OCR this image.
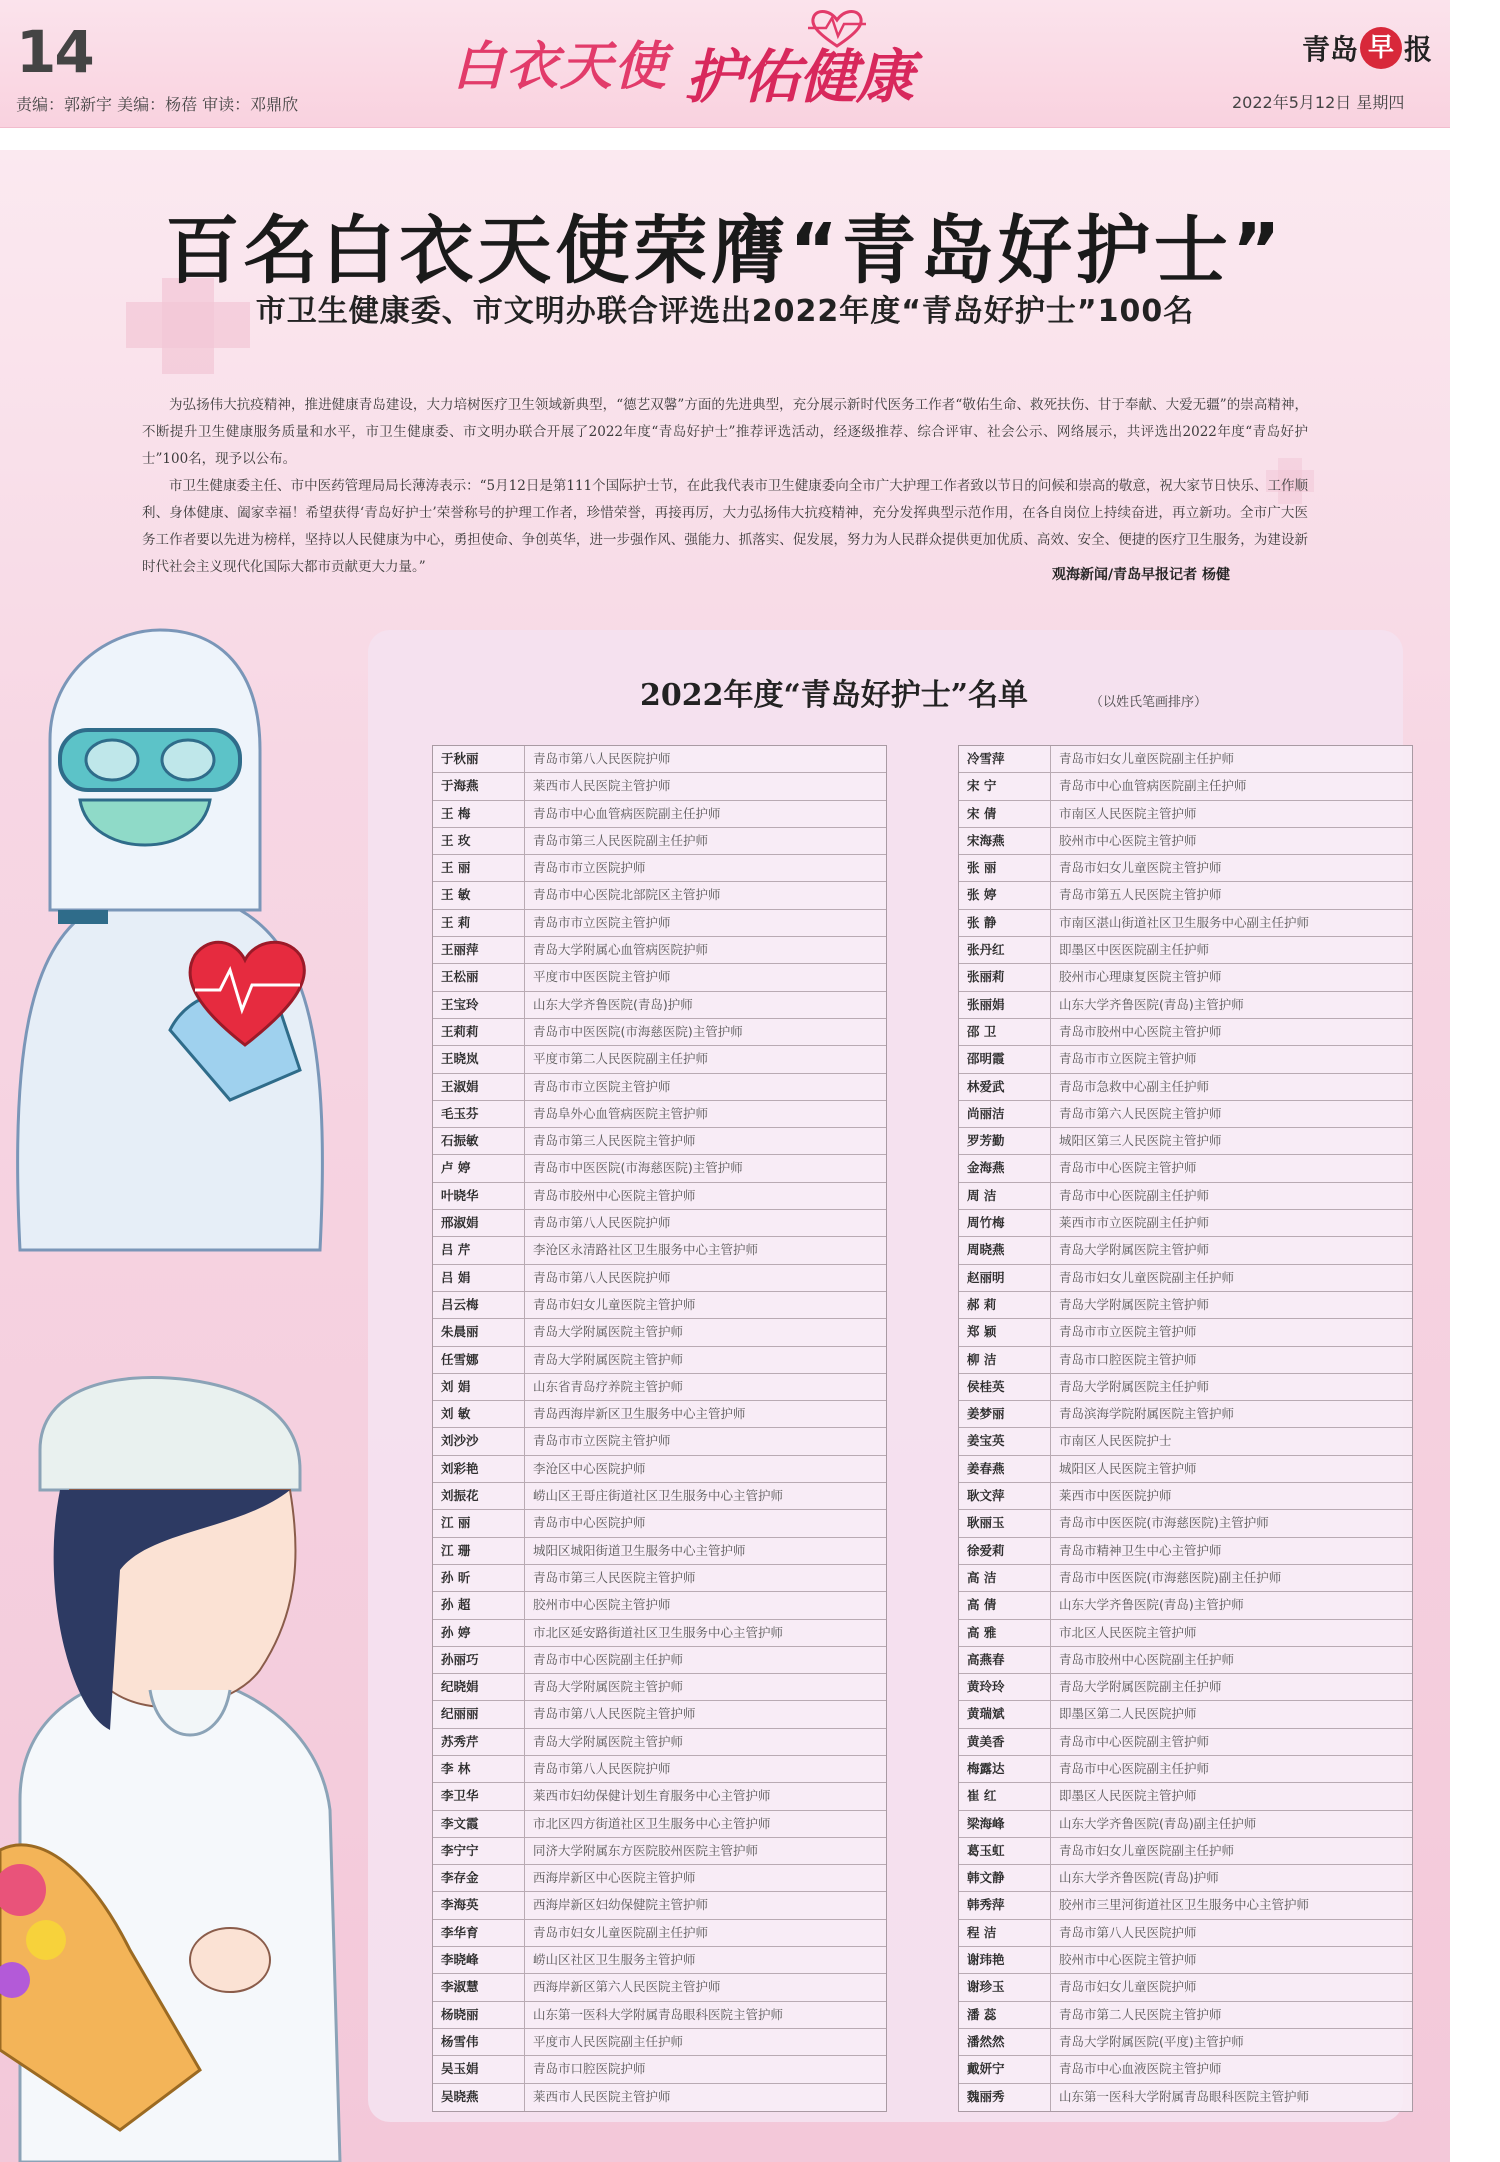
14
责编：郭新宇 美编：杨蓓 审读：邓鼎欣
白衣天使 护佑健康	青岛 早 报
2022年5月12日 星期四
百名白衣天使荣膺“青岛好护士”
市卫生健康委、市文明办联合评选出2022年度“青岛好护士”100名

为弘扬伟大抗疫精神，推进健康青岛建设，大力培树医疗卫生领域新典型，“德艺双馨”方面的先进典型，充分展示新时代医务工作者“敬佑生命、救死扶伤、甘于奉献、大爱无疆”的崇高精神，不断提升卫生健康服务质量和水平，市卫生健康委、市文明办联合开展了2022年度“青岛好护士”推荐评选活动，经逐级推荐、综合评审、社会公示、网络展示，共评选出2022年度“青岛好护士”100名，现予以公布。

市卫生健康委主任、市中医药管理局局长薄涛表示：“5月12日是第111个国际护士节，在此我代表市卫生健康委向全市广大护理工作者致以节日的问候和崇高的敬意，祝大家节日快乐、工作顺利、身体健康、阖家幸福！希望获得‘青岛好护士’荣誉称号的护理工作者，珍惜荣誉，再接再厉，大力弘扬伟大抗疫精神，充分发挥典型示范作用，在各自岗位上持续奋进，再立新功。全市广大医务工作者要以先进为榜样，坚持以人民健康为中心，勇担使命、争创英华，进一步强作风、强能力、抓落实、促发展，努力为人民群众提供更加优质、高效、安全、便捷的医疗卫生服务，为建设新时代社会主义现代化国际大都市贡献更大力量。”	观海新闻/青岛早报记者 杨健
2022年度“青岛好护士”名单	（以姓氏笔画排序）
于秋丽	青岛市第八人民医院护师
于海燕	莱西市人民医院主管护师
王 梅	青岛市中心血管病医院副主任护师
王 玫	青岛市第三人民医院副主任护师
王 丽	青岛市市立医院护师
王 敏	青岛市中心医院北部院区主管护师
王 莉	青岛市市立医院主管护师
王丽萍	青岛大学附属心血管病医院护师
王松丽	平度市中医医院主管护师
王宝玲	山东大学齐鲁医院(青岛)护师
王莉莉	青岛市中医医院(市海慈医院)主管护师
王晓岚	平度市第二人民医院副主任护师
王淑娟	青岛市市立医院主管护师
毛玉芬	青岛阜外心血管病医院主管护师
石振敏	青岛市第三人民医院主管护师
卢 婷	青岛市中医医院(市海慈医院)主管护师
叶晓华	青岛市胶州中心医院主管护师
邢淑娟	青岛市第八人民医院护师
吕 芹	李沧区永清路社区卫生服务中心主管护师
吕 娟	青岛市第八人民医院护师
吕云梅	青岛市妇女儿童医院主管护师
朱晨丽	青岛大学附属医院主管护师
任雪娜	青岛大学附属医院主管护师
刘 娟	山东省青岛疗养院主管护师
刘 敏	青岛西海岸新区卫生服务中心主管护师
刘沙沙	青岛市市立医院主管护师
刘彩艳	李沧区中心医院护师
刘振花	崂山区王哥庄街道社区卫生服务中心主管护师
江 丽	青岛市中心医院护师
江 珊	城阳区城阳街道卫生服务中心主管护师
孙 昕	青岛市第三人民医院主管护师
孙 超	胶州市中心医院主管护师
孙 婷	市北区延安路街道社区卫生服务中心主管护师
孙丽巧	青岛市中心医院副主任护师
纪晓娟	青岛大学附属医院主管护师
纪丽丽	青岛市第八人民医院主管护师
苏秀芹	青岛大学附属医院主管护师
李 林	青岛市第八人民医院护师
李卫华	莱西市妇幼保健计划生育服务中心主管护师
李文霞	市北区四方街道社区卫生服务中心主管护师
李宁宁	同济大学附属东方医院胶州医院主管护师
李存金	西海岸新区中心医院主管护师
李海英	西海岸新区妇幼保健院主管护师
李华育	青岛市妇女儿童医院副主任护师
李晓峰	崂山区社区卫生服务主管护师
李淑慧	西海岸新区第六人民医院主管护师
杨晓丽	山东第一医科大学附属青岛眼科医院主管护师
杨雪伟	平度市人民医院副主任护师
吴玉娟	青岛市口腔医院护师
吴晓燕	莱西市人民医院主管护师
冷雪萍	青岛市妇女儿童医院副主任护师
宋 宁	青岛市中心血管病医院副主任护师
宋 倩	市南区人民医院主管护师
宋海燕	胶州市中心医院主管护师
张 丽	青岛市妇女儿童医院主管护师
张 婷	青岛市第五人民医院主管护师
张 静	市南区湛山街道社区卫生服务中心副主任护师
张丹红	即墨区中医医院副主任护师
张丽莉	胶州市心理康复医院主管护师
张丽娟	山东大学齐鲁医院(青岛)主管护师
邵 卫	青岛市胶州中心医院主管护师
邵明霞	青岛市市立医院主管护师
林爱武	青岛市急救中心副主任护师
尚丽洁	青岛市第六人民医院主管护师
罗芳勤	城阳区第三人民医院主管护师
金海燕	青岛市中心医院主管护师
周 洁	青岛市中心医院副主任护师
周竹梅	莱西市市立医院副主任护师
周晓燕	青岛大学附属医院主管护师
赵丽明	青岛市妇女儿童医院副主任护师
郝 莉	青岛大学附属医院主管护师
郑 颖	青岛市市立医院主管护师
柳 洁	青岛市口腔医院主管护师
侯桂英	青岛大学附属医院主任护师
姜梦丽	青岛滨海学院附属医院主管护师
姜宝英	市南区人民医院护士
姜春燕	城阳区人民医院主管护师
耿文萍	莱西市中医医院护师
耿丽玉	青岛市中医医院(市海慈医院)主管护师
徐爱莉	青岛市精神卫生中心主管护师
高 洁	青岛市中医医院(市海慈医院)副主任护师
高 倩	山东大学齐鲁医院(青岛)主管护师
高 雅	市北区人民医院主管护师
高燕春	青岛市胶州中心医院副主任护师
黄玲玲	青岛大学附属医院副主任护师
黄瑞斌	即墨区第二人民医院护师
黄美香	青岛市中心医院副主管护师
梅露达	青岛市中心医院副主任护师
崔 红	即墨区人民医院主管护师
梁海峰	山东大学齐鲁医院(青岛)副主任护师
葛玉虹	青岛市妇女儿童医院副主任护师
韩文静	山东大学齐鲁医院(青岛)护师
韩秀萍	胶州市三里河街道社区卫生服务中心主管护师
程 洁	青岛市第八人民医院护师
谢玮艳	胶州市中心医院主管护师
谢珍玉	青岛市妇女儿童医院护师
潘 蕊	青岛市第二人民医院主管护师
潘然然	青岛大学附属医院(平度)主管护师
戴妍宁	青岛市中心血液医院主管护师
魏丽秀	山东第一医科大学附属青岛眼科医院主管护师
